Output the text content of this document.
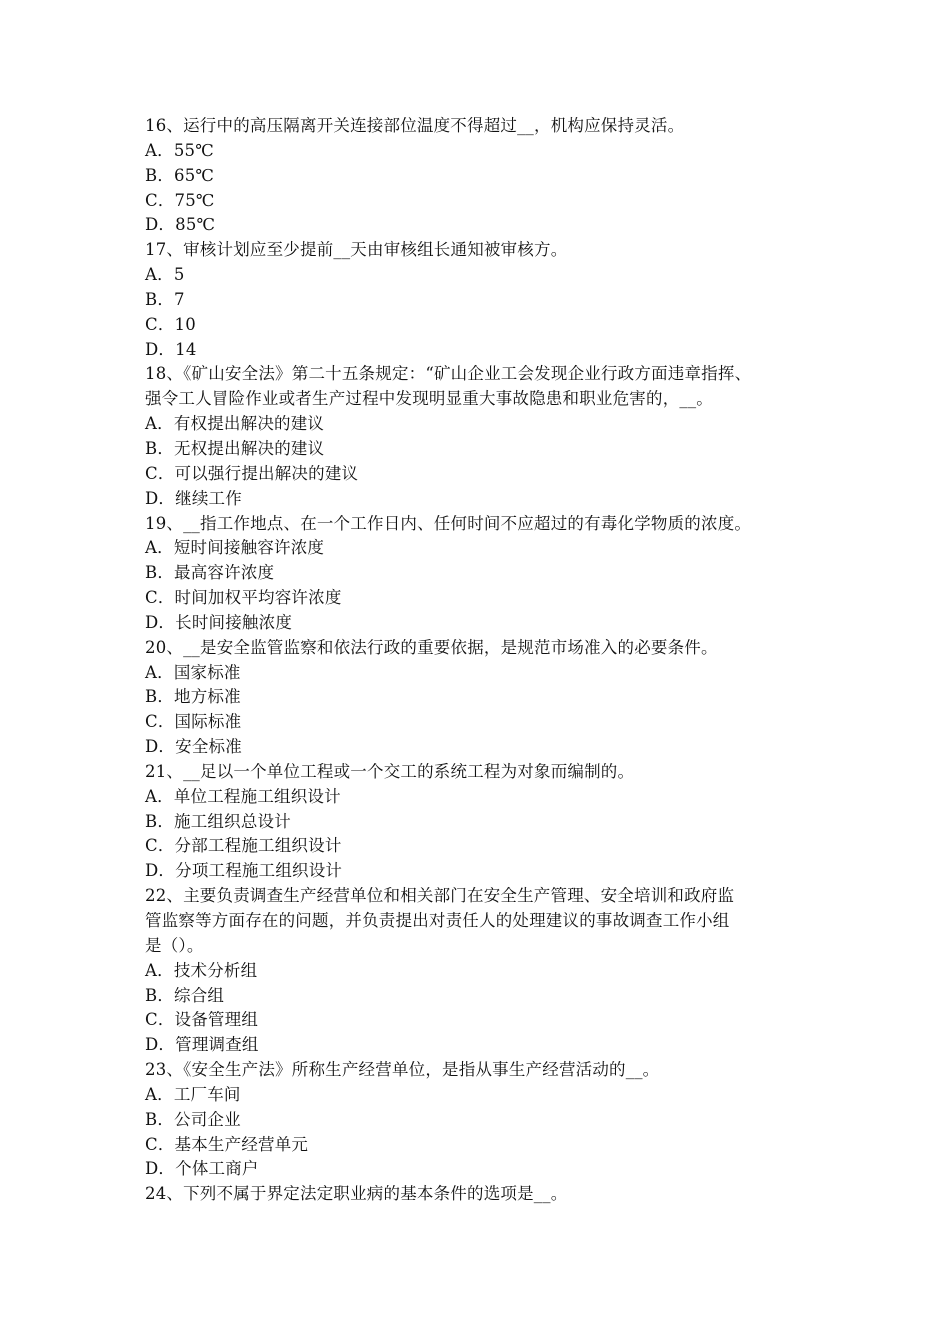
16、运行中的高压隔离开关连接部位温度不得超过__，机构应保持灵活。
A．55℃
B．65℃
C．75℃
D．85℃
17、审核计划应至少提前__天由审核组长通知被审核方。
A．5
B．7
C．10
D．14
18、《矿山安全法》第二十五条规定：“矿山企业工会发现企业行政方面违章指挥、
强令工人冒险作业或者生产过程中发现明显重大事故隐患和职业危害的，__。
A．有权提出解决的建议
B．无权提出解决的建议
C．可以强行提出解决的建议
D．继续工作
19、__指工作地点、在一个工作日内、任何时间不应超过的有毒化学物质的浓度。
A．短时间接触容许浓度
B．最高容许浓度
C．时间加权平均容许浓度
D．长时间接触浓度
20、__是安全监管监察和依法行政的重要依据，是规范市场准入的必要条件。
A．国家标准
B．地方标准
C．国际标准
D．安全标准
21、__足以一个单位工程或一个交工的系统工程为对象而编制的。
A．单位工程施工组织设计
B．施工组织总设计
C．分部工程施工组织设计
D．分项工程施工组织设计
22、主要负责调查生产经营单位和相关部门在安全生产管理、安全培训和政府监
管监察等方面存在的问题，并负责提出对责任人的处理建议的事故调查工作小组
是（）。
A．技术分析组
B．综合组
C．设备管理组
D．管理调查组
23、《安全生产法》所称生产经营单位，是指从事生产经营活动的__。
A．工厂车间
B．公司企业
C．基本生产经营单元
D．个体工商户
24、下列不属于界定法定职业病的基本条件的选项是__。
